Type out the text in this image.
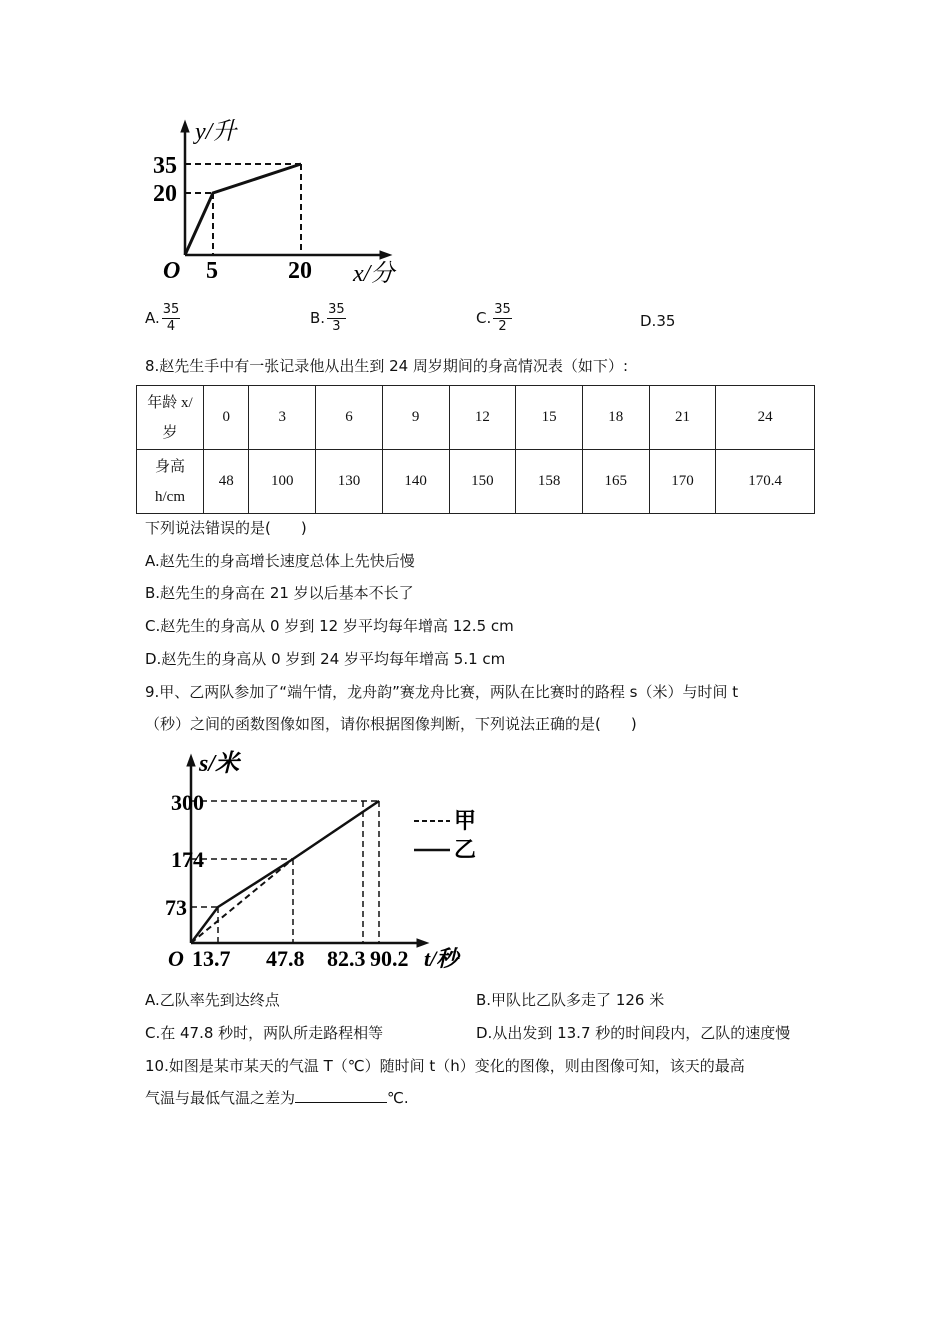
y/升
35
20
O 5	20 x/分
A. $\frac{35}{4}$	B. $\frac{35}{3}$	C. $\frac{35}{2}$	D.35
8.赵先生手中有一张记录他从出生到 24 周岁期间的身高情况表（如下）:
年龄 x/
岁	0	3	6	9	12	15	18	21	24
身高
h/cm	48	100	130	140	150	158	165	170	170.4
下列说法错误的是(　　)
A.赵先生的身高增长速度总体上先快后慢
B.赵先生的身高在 21 岁以后基本不长了
C.赵先生的身高从 0 岁到 12 岁平均每年增高 12.5 cm
D.赵先生的身高从 0 岁到 24 岁平均每年增高 5.1 cm
9.甲、乙两队参加了“端午情，龙舟韵”赛龙舟比赛，两队在比赛时的路程 s（米）与时间 t
（秒）之间的函数图像如图，请你根据图像判断，下列说法正确的是(　　)
s/米
300
174
73
O 13.7 47.8 82.3 90.2 t/秒
甲
乙
A.乙队率先到达终点	B.甲队比乙队多走了 126 米
C.在 47.8 秒时，两队所走路程相等	D.从出发到 13.7 秒的时间段内，乙队的速度慢
10.如图是某市某天的气温 T（℃）随时间 t（h）变化的图像，则由图像可知，该天的最高
气温与最低气温之差为	℃.
